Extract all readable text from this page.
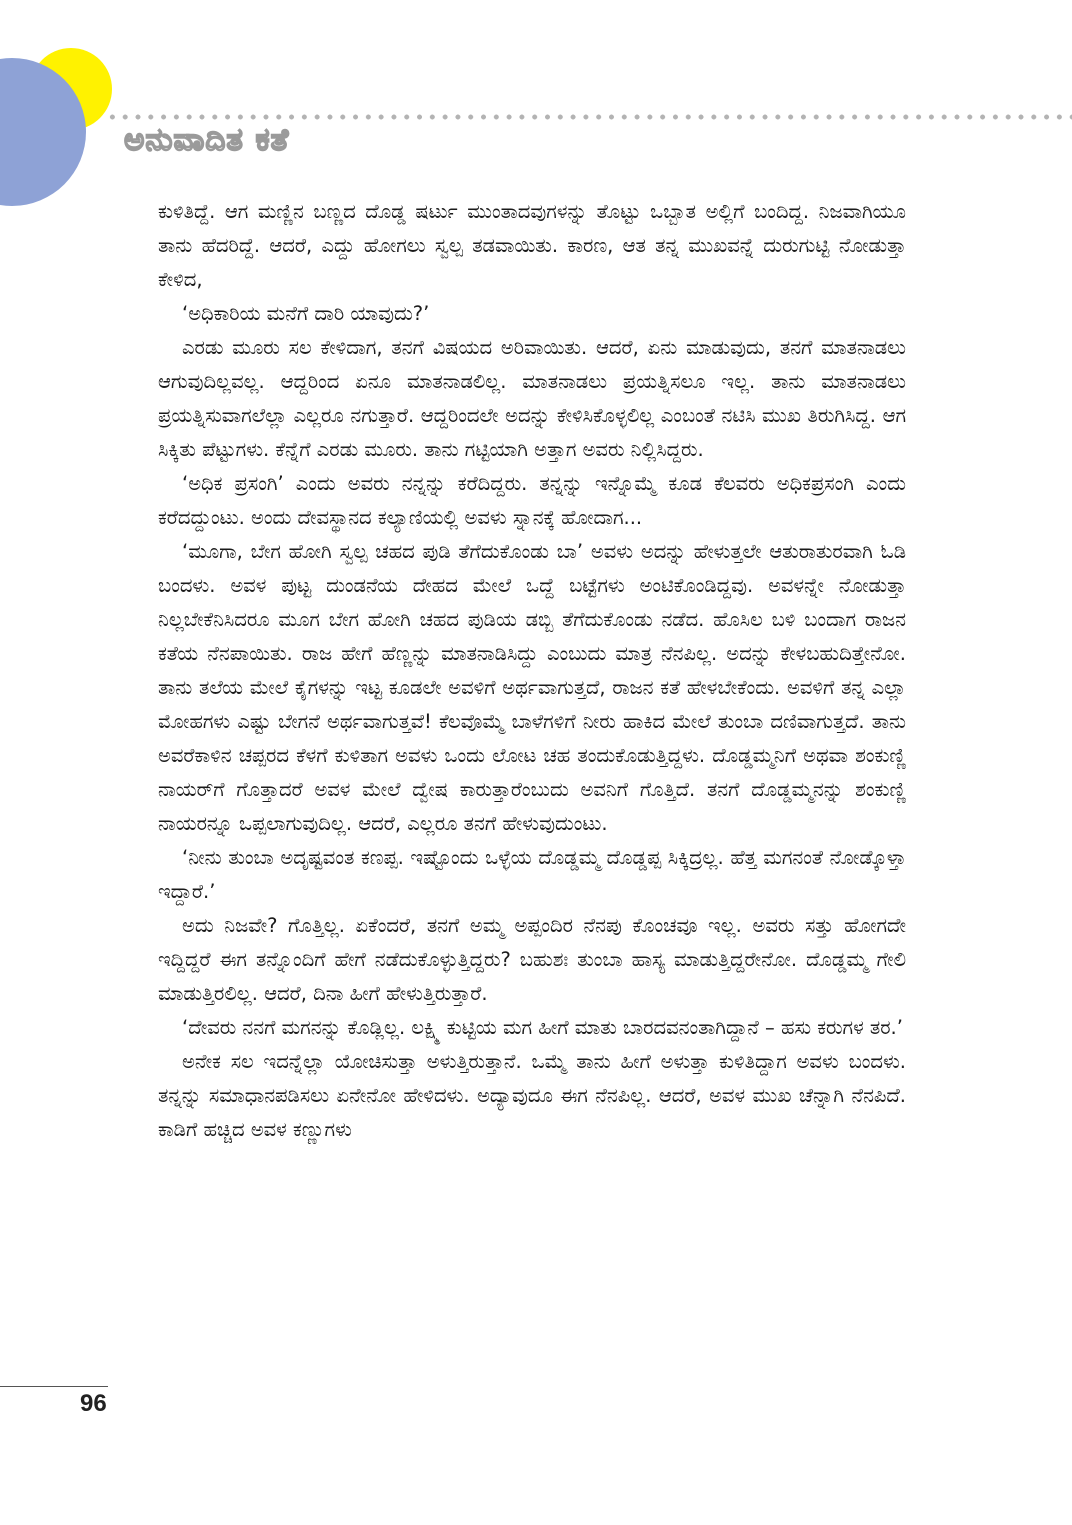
ಅನುವಾದಿತ ಕತೆ

ಕುಳಿತಿದ್ದೆ. ಆಗ ಮಣ್ಣಿನ ಬಣ್ಣದ ದೊಡ್ಡ ಷರ್ಟು ಮುಂತಾದವುಗಳನ್ನು ತೊಟ್ಟು ಒಬ್ಬಾತ ಅಲ್ಲಿಗೆ ಬಂದಿದ್ದ. ನಿಜವಾಗಿಯೂ ತಾನು ಹೆದರಿದ್ದೆ. ಆದರೆ, ಎದ್ದು ಹೋಗಲು ಸ್ವಲ್ಪ ತಡವಾಯಿತು. ಕಾರಣ, ಆತ ತನ್ನ ಮುಖವನ್ನೆ ದುರುಗುಟ್ಟಿ ನೋಡುತ್ತಾ ಕೇಳಿದ,

‘ಅಧಿಕಾರಿಯ ಮನೆಗೆ ದಾರಿ ಯಾವುದು?’

ಎರಡು ಮೂರು ಸಲ ಕೇಳಿದಾಗ, ತನಗೆ ವಿಷಯದ ಅರಿವಾಯಿತು. ಆದರೆ, ಏನು ಮಾಡುವುದು, ತನಗೆ ಮಾತನಾಡಲು ಆಗುವುದಿಲ್ಲವಲ್ಲ. ಆದ್ದರಿಂದ ಏನೂ ಮಾತನಾಡಲಿಲ್ಲ. ಮಾತನಾಡಲು ಪ್ರಯತ್ನಿಸಲೂ ಇಲ್ಲ. ತಾನು ಮಾತನಾಡಲು ಪ್ರಯತ್ನಿಸುವಾಗಲೆಲ್ಲಾ ಎಲ್ಲರೂ ನಗುತ್ತಾರೆ. ಆದ್ದರಿಂದಲೇ ಅದನ್ನು ಕೇಳಿಸಿಕೊಳ್ಳಲಿಲ್ಲ ಎಂಬಂತೆ ನಟಿಸಿ ಮುಖ ತಿರುಗಿಸಿದ್ದ. ಆಗ ಸಿಕ್ಕಿತು ಪೆಟ್ಟುಗಳು. ಕೆನ್ನೆಗೆ ಎರಡು ಮೂರು. ತಾನು ಗಟ್ಟಿಯಾಗಿ ಅತ್ತಾಗ ಅವರು ನಿಲ್ಲಿಸಿದ್ದರು.

‘ಅಧಿಕ ಪ್ರಸಂಗಿ’ ಎಂದು ಅವರು ನನ್ನನ್ನು ಕರೆದಿದ್ದರು. ತನ್ನನ್ನು ಇನ್ನೊಮ್ಮೆ ಕೂಡ ಕೆಲವರು ಅಧಿಕಪ್ರಸಂಗಿ ಎಂದು ಕರೆದದ್ದುಂಟು. ಅಂದು ದೇವಸ್ಥಾನದ ಕಲ್ಯಾಣಿಯಲ್ಲಿ ಅವಳು ಸ್ನಾನಕ್ಕೆ ಹೋದಾಗ...

‘ಮೂಗಾ, ಬೇಗ ಹೋಗಿ ಸ್ವಲ್ಪ ಚಹದ ಪುಡಿ ತೆಗೆದುಕೊಂಡು ಬಾ’ ಅವಳು ಅದನ್ನು ಹೇಳುತ್ತಲೇ ಆತುರಾತುರವಾಗಿ ಓಡಿ ಬಂದಳು. ಅವಳ ಪುಟ್ಟ ದುಂಡನೆಯ ದೇಹದ ಮೇಲೆ ಒದ್ದೆ ಬಟ್ಟೆಗಳು ಅಂಟಿಕೊಂಡಿದ್ದವು. ಅವಳನ್ನೇ ನೋಡುತ್ತಾ ನಿಲ್ಲಬೇಕೆನಿಸಿದರೂ ಮೂಗ ಬೇಗ ಹೋಗಿ ಚಹದ ಪುಡಿಯ ಡಬ್ಬಿ ತೆಗೆದುಕೊಂಡು ನಡೆದ. ಹೊಸಿಲ ಬಳಿ ಬಂದಾಗ ರಾಜನ ಕತೆಯ ನೆನಪಾಯಿತು. ರಾಜ ಹೇಗೆ ಹೆಣ್ಣನ್ನು ಮಾತನಾಡಿಸಿದ್ದು ಎಂಬುದು ಮಾತ್ರ ನೆನಪಿಲ್ಲ. ಅದನ್ನು ಕೇಳಬಹುದಿತ್ತೇನೋ. ತಾನು ತಲೆಯ ಮೇಲೆ ಕೈಗಳನ್ನು ಇಟ್ಟ ಕೂಡಲೇ ಅವಳಿಗೆ ಅರ್ಥವಾಗುತ್ತದೆ, ರಾಜನ ಕತೆ ಹೇಳಬೇಕೆಂದು. ಅವಳಿಗೆ ತನ್ನ ಎಲ್ಲಾ ಮೋಹಗಳು ಎಷ್ಟು ಬೇಗನೆ ಅರ್ಥವಾಗುತ್ತವೆ! ಕೆಲವೊಮ್ಮೆ ಬಾಳೆಗಳಿಗೆ ನೀರು ಹಾಕಿದ ಮೇಲೆ ತುಂಬಾ ದಣಿವಾಗುತ್ತದೆ. ತಾನು ಅವರೆಕಾಳಿನ ಚಪ್ಪರದ ಕೆಳಗೆ ಕುಳಿತಾಗ ಅವಳು ಒಂದು ಲೋಟ ಚಹ ತಂದುಕೊಡುತ್ತಿದ್ದಳು. ದೊಡ್ಡಮ್ಮನಿಗೆ ಅಥವಾ ಶಂಕುಣ್ಣಿ ನಾಯರ್‌ಗೆ ಗೊತ್ತಾದರೆ ಅವಳ ಮೇಲೆ ದ್ವೇಷ ಕಾರುತ್ತಾರೆಂಬುದು ಅವನಿಗೆ ಗೊತ್ತಿದೆ. ತನಗೆ ದೊಡ್ಡಮ್ಮನನ್ನು ಶಂಕುಣ್ಣಿ ನಾಯರನ್ನೂ ಒಪ್ಪಲಾಗುವುದಿಲ್ಲ. ಆದರೆ, ಎಲ್ಲರೂ ತನಗೆ ಹೇಳುವುದುಂಟು.

‘ನೀನು ತುಂಬಾ ಅದೃಷ್ಟವಂತ ಕಣಪ್ಪ. ಇಷ್ಟೊಂದು ಒಳ್ಳೆಯ ದೊಡ್ಡಮ್ಮ ದೊಡ್ಡಪ್ಪ ಸಿಕ್ಕಿದ್ರಲ್ಲ. ಹೆತ್ತ ಮಗನಂತೆ ನೋಡ್ಕೊಳ್ತಾ ಇದ್ದಾರೆ.’

ಅದು ನಿಜವೇ? ಗೊತ್ತಿಲ್ಲ. ಏಕೆಂದರೆ, ತನಗೆ ಅಮ್ಮ ಅಪ್ಪಂದಿರ ನೆನಪು ಕೊಂಚವೂ ಇಲ್ಲ. ಅವರು ಸತ್ತು ಹೋಗದೇ ಇದ್ದಿದ್ದರೆ ಈಗ ತನ್ನೊಂದಿಗೆ ಹೇಗೆ ನಡೆದುಕೊಳ್ಳುತ್ತಿದ್ದರು? ಬಹುಶಃ ತುಂಬಾ ಹಾಸ್ಯ ಮಾಡುತ್ತಿದ್ದರೇನೋ. ದೊಡ್ಡಮ್ಮ ಗೇಲಿ ಮಾಡುತ್ತಿರಲಿಲ್ಲ. ಆದರೆ, ದಿನಾ ಹೀಗೆ ಹೇಳುತ್ತಿರುತ್ತಾರೆ.

‘ದೇವರು ನನಗೆ ಮಗನನ್ನು ಕೊಡ್ಲಿಲ್ಲ. ಲಕ್ಷ್ಮಿ ಕುಟ್ಟಿಯ ಮಗ ಹೀಗೆ ಮಾತು ಬಾರದವನಂತಾಗಿದ್ದಾನೆ – ಹಸು ಕರುಗಳ ತರ.’

ಅನೇಕ ಸಲ ಇದನ್ನೆಲ್ಲಾ ಯೋಚಿಸುತ್ತಾ ಅಳುತ್ತಿರುತ್ತಾನೆ. ಒಮ್ಮೆ ತಾನು ಹೀಗೆ ಅಳುತ್ತಾ ಕುಳಿತಿದ್ದಾಗ ಅವಳು ಬಂದಳು. ತನ್ನನ್ನು ಸಮಾಧಾನಪಡಿಸಲು ಏನೇನೋ ಹೇಳಿದಳು. ಅದ್ಯಾವುದೂ ಈಗ ನೆನಪಿಲ್ಲ. ಆದರೆ, ಅವಳ ಮುಖ ಚೆನ್ನಾಗಿ ನೆನಪಿದೆ. ಕಾಡಿಗೆ ಹಚ್ಚಿದ ಅವಳ ಕಣ್ಣುಗಳು

96
